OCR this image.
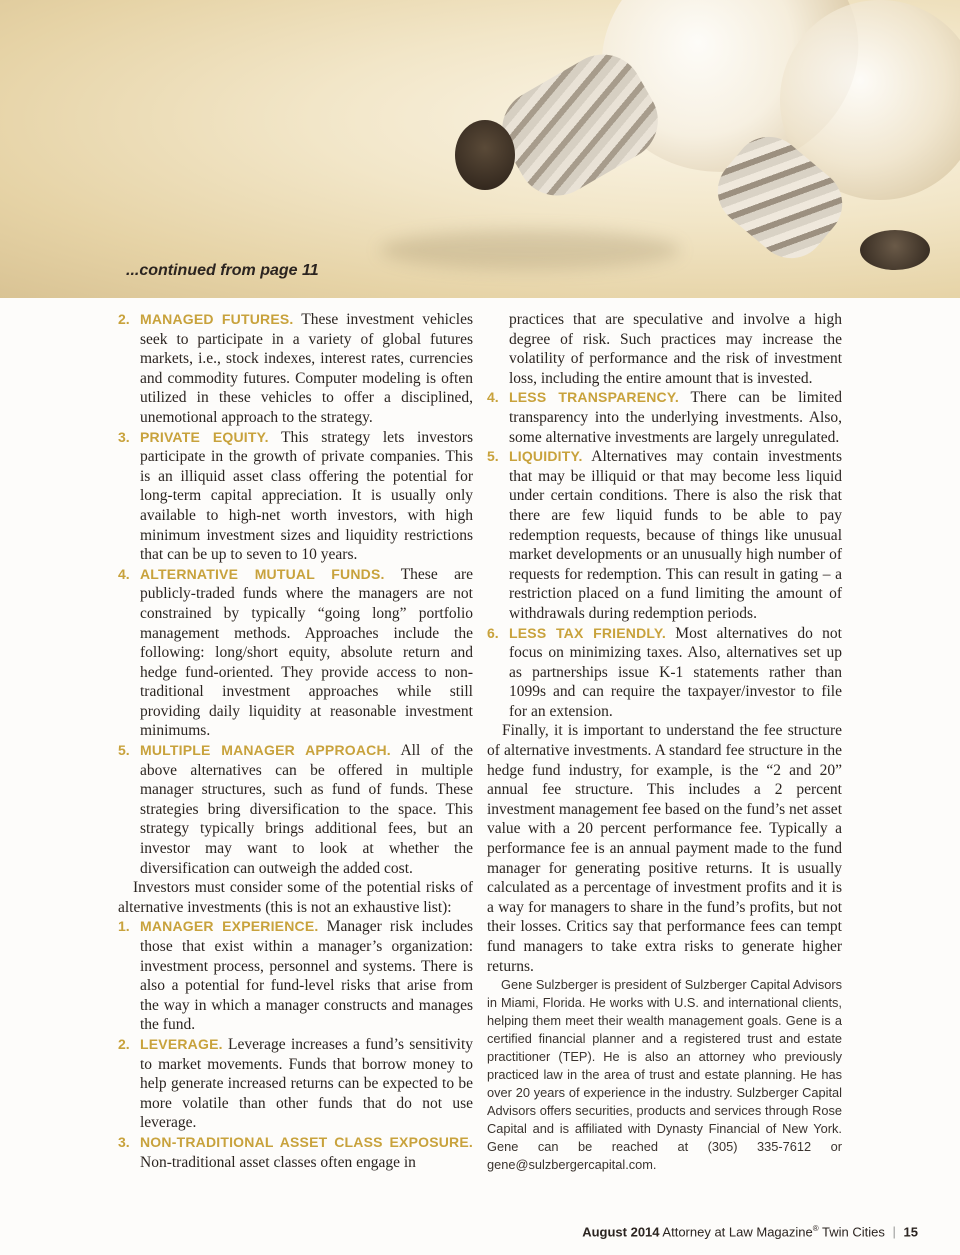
...continued from page 11

2. MANAGED FUTURES. These investment vehicles seek to participate in a variety of global futures markets, i.e., stock indexes, interest rates, currencies and commodity futures. Computer modeling is often utilized in these vehicles to offer a disciplined, unemotional approach to the strategy.

3. PRIVATE EQUITY. This strategy lets investors participate in the growth of private companies. This is an illiquid asset class offering the potential for long-term capital appreciation. It is usually only available to high-net worth investors, with high minimum investment sizes and liquidity restrictions that can be up to seven to 10 years.

4. ALTERNATIVE MUTUAL FUNDS. These are publicly-traded funds where the managers are not constrained by typically “going long” portfolio management methods. Approaches include the following: long/short equity, absolute return and hedge fund-oriented. They provide access to non-traditional investment approaches while still providing daily liquidity at reasonable investment minimums.

5. MULTIPLE MANAGER APPROACH. All of the above alternatives can be offered in multiple manager structures, such as fund of funds. These strategies bring diversification to the space. This strategy typically brings additional fees, but an investor may want to look at whether the diversification can outweigh the added cost.

Investors must consider some of the potential risks of alternative investments (this is not an exhaustive list):

1. MANAGER EXPERIENCE. Manager risk includes those that exist within a manager’s organization: investment process, personnel and systems. There is also a potential for fund-level risks that arise from the way in which a manager constructs and manages the fund.

2. LEVERAGE. Leverage increases a fund’s sensitivity to market movements. Funds that borrow money to help generate increased returns can be expected to be more volatile than other funds that do not use leverage.

3. NON-TRADITIONAL ASSET CLASS EXPOSURE. Non-traditional asset classes often engage in

practices that are speculative and involve a high degree of risk. Such practices may increase the volatility of performance and the risk of investment loss, including the entire amount that is invested.

4. LESS TRANSPARENCY. There can be limited transparency into the underlying investments. Also, some alternative investments are largely unregulated.

5. LIQUIDITY. Alternatives may contain investments that may be illiquid or that may become less liquid under certain conditions. There is also the risk that there are few liquid funds to be able to pay redemption requests, because of things like unusual market developments or an unusually high number of requests for redemption. This can result in gating – a restriction placed on a fund limiting the amount of withdrawals during redemption periods.

6. LESS TAX FRIENDLY. Most alternatives do not focus on minimizing taxes. Also, alternatives set up as partnerships issue K-1 statements rather than 1099s and can require the taxpayer/investor to file for an extension.

Finally, it is important to understand the fee structure of alternative investments. A standard fee structure in the hedge fund industry, for example, is the “2 and 20” annual fee structure. This includes a 2 percent investment management fee based on the fund’s net asset value with a 20 percent performance fee. Typically a performance fee is an annual payment made to the fund manager for generating positive returns. It is usually calculated as a percentage of investment profits and it is a way for managers to share in the fund’s profits, but not their losses. Critics say that performance fees can tempt fund managers to take extra risks to generate higher returns.

Gene Sulzberger is president of Sulzberger Capital Advisors in Miami, Florida. He works with U.S. and international clients, helping them meet their wealth management goals. Gene is a certified financial planner and a registered trust and estate practitioner (TEP). He is also an attorney who previously practiced law in the area of trust and estate planning. He has over 20 years of experience in the industry. Sulzberger Capital Advisors offers securities, products and services through Rose Capital and is affiliated with Dynasty Financial of New York. Gene can be reached at (305) 335-7612 or gene@sulzbergercapital.com.

August 2014 Attorney at Law Magazine® Twin Cities | 15
